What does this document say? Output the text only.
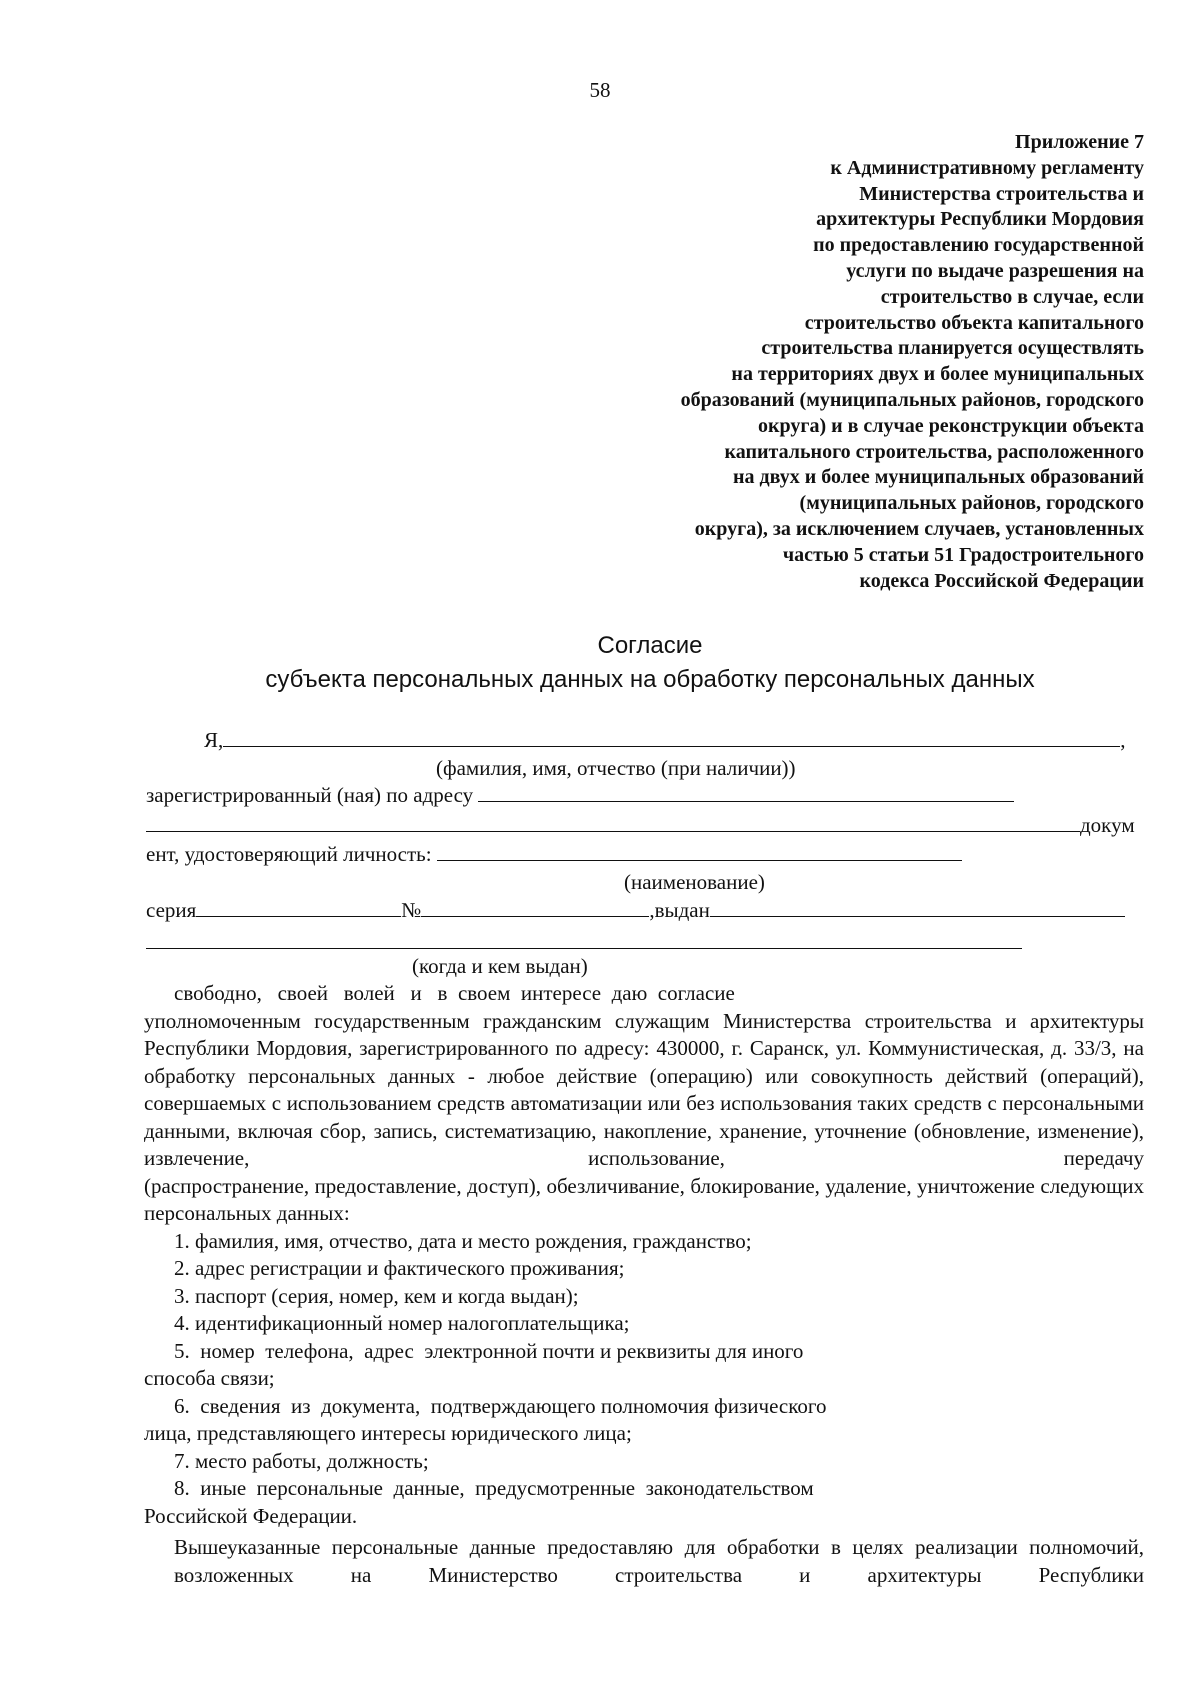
58
Приложение 7
к Административному регламенту
Министерства строительства и
архитектуры Республики Мордовия
по предоставлению государственной
услуги по выдаче разрешения на
строительство в случае, если
строительство объекта капитального
строительства планируется осуществлять
на территориях двух и более муниципальных
образований (муниципальных районов, городского
округа) и в случае реконструкции объекта
капитального строительства, расположенного
на двух и более муниципальных образований
(муниципальных районов, городского
округа), за исключением случаев, установленных
частью 5 статьи 51 Градостроительного
кодекса Российской Федерации
Согласие
субъекта персональных данных на обработку персональных данных
Я,	,
(фамилия, имя, отчество (при наличии))
зарегистрированный (ная) по адресу
докум
ент, удостоверяющий личность:
(наименование)
серия	№	,выдан
(когда и кем выдан)

свободно,   своей   волей   и   в  своем  интересе  даю  согласие

уполномоченным государственным гражданским служащим Министерства строительства и архитектуры Республики Мордовия, зарегистрированного по адресу: 430000, г. Саранск, ул. Коммунистическая, д. 33/3, на обработку персональных данных - любое действие (операцию) или совокупность действий (операций), совершаемых с использованием средств автоматизации или без использования таких средств с персональными данными, включая сбор, запись, систематизацию, накопление, хранение, уточнение (обновление, изменение), извлечение, использование, передачу

(распространение, предоставление, доступ), обезличивание, блокирование, удаление, уничтожение следующих персональных данных:

1. фамилия, имя, отчество, дата и место рождения, гражданство;

2. адрес регистрации и фактического проживания;

3. паспорт (серия, номер, кем и когда выдан);

4. идентификационный номер налогоплательщика;

5.  номер  телефона,  адрес  электронной почти и реквизиты для иного

способа связи;

6.  сведения  из  документа,  подтверждающего полномочия физического

лица, представляющего интересы юридического лица;

7. место работы, должность;

8.  иные  персональные  данные,  предусмотренные  законодательством

Российской Федерации.

Вышеуказанные персональные данные предоставляю для обработки в целях реализации полномочий, возложенных на Министерство строительства и архитектуры Республики
